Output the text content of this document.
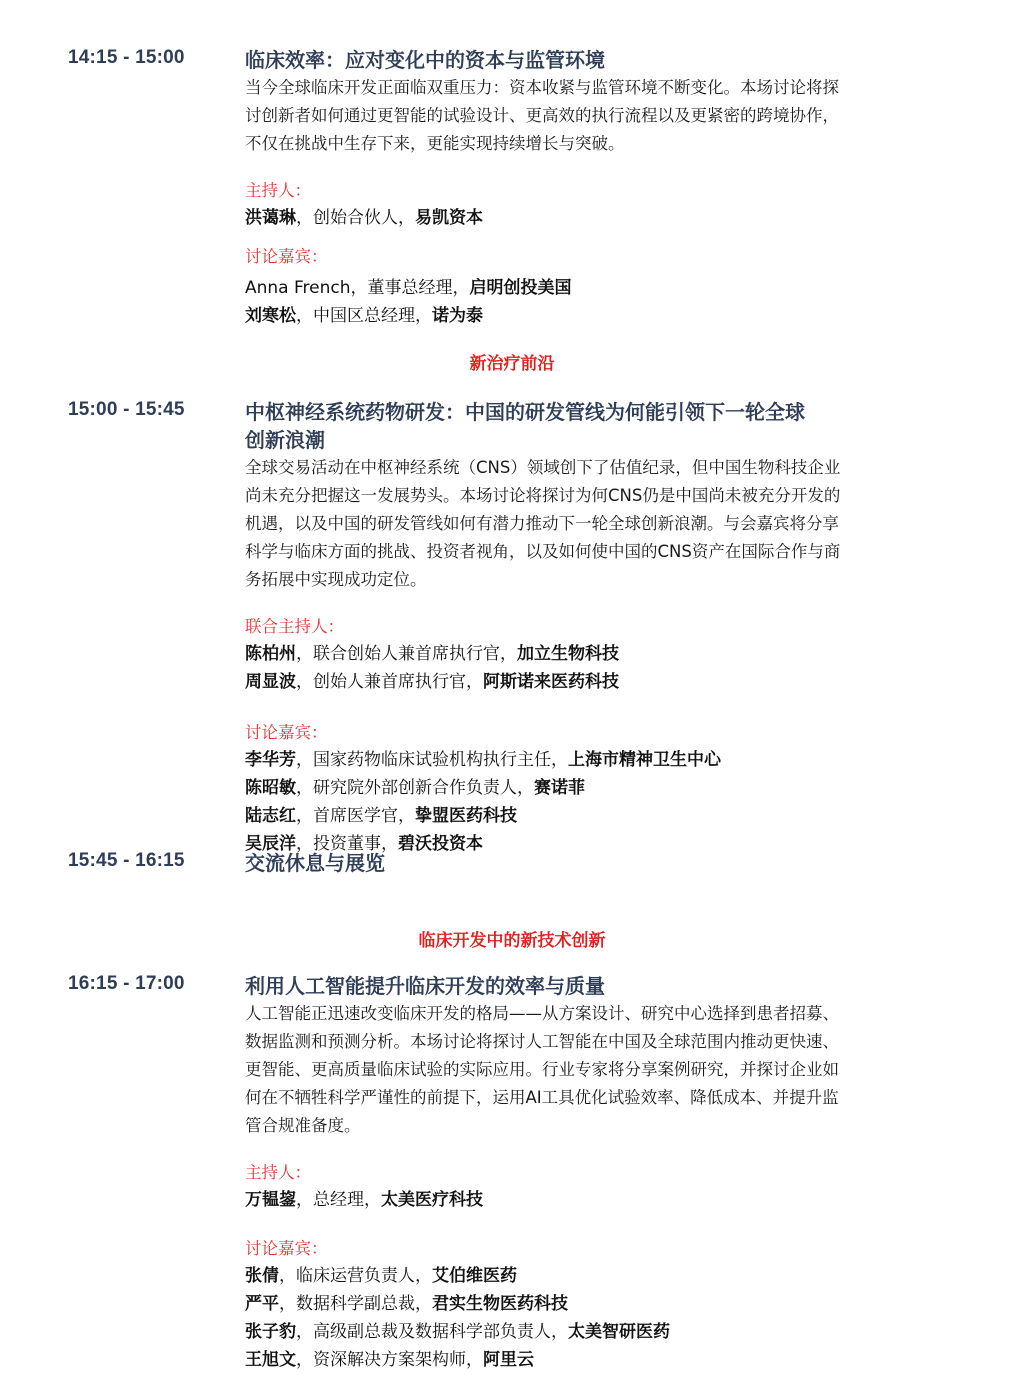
14:15 - 15:00	临床效率：应对变化中的资本与监管环境
当今全球临床开发正面临双重压力：资本收紧与监管环境不断变化。本场讨论将探
讨创新者如何通过更智能的试验设计、更高效的执行流程以及更紧密的跨境协作，
不仅在挑战中生存下来，更能实现持续增长与突破。
主持人：
洪蔼琳，创始合伙人，易凯资本
讨论嘉宾：
Anna French，董事总经理，启明创投美国
刘寒松，中国区总经理，诺为泰
新治疗前沿
15:00 - 15:45	中枢神经系统药物研发：中国的研发管线为何能引领下一轮全球
创新浪潮
全球交易活动在中枢神经系统（CNS）领域创下了估值纪录，但中国生物科技企业
尚未充分把握这一发展势头。本场讨论将探讨为何CNS仍是中国尚未被充分开发的
机遇，以及中国的研发管线如何有潜力推动下一轮全球创新浪潮。与会嘉宾将分享
科学与临床方面的挑战、投资者视角，以及如何使中国的CNS资产在国际合作与商
务拓展中实现成功定位。
联合主持人：
陈柏州，联合创始人兼首席执行官，加立生物科技
周显波，创始人兼首席执行官，阿斯诺来医药科技
讨论嘉宾：
李华芳，国家药物临床试验机构执行主任，上海市精神卫生中心
陈昭敏，研究院外部创新合作负责人，赛诺菲
陆志红，首席医学官，挚盟医药科技
吴辰洋，投资董事，碧沃投资本
15:45 - 16:15	交流休息与展览
临床开发中的新技术创新
16:15 - 17:00	利用人工智能提升临床开发的效率与质量
人工智能正迅速改变临床开发的格局——从方案设计、研究中心选择到患者招募、
数据监测和预测分析。本场讨论将探讨人工智能在中国及全球范围内推动更快速、
更智能、更高质量临床试验的实际应用。行业专家将分享案例研究，并探讨企业如
何在不牺牲科学严谨性的前提下，运用AI工具优化试验效率、降低成本、并提升监
管合规准备度。
主持人：
万韫鋆，总经理，太美医疗科技
讨论嘉宾：
张倩，临床运营负责人，艾伯维医药
严平，数据科学副总裁，君实生物医药科技
张子豹，高级副总裁及数据科学部负责人，太美智研医药
王旭文，资深解决方案架构师，阿里云
